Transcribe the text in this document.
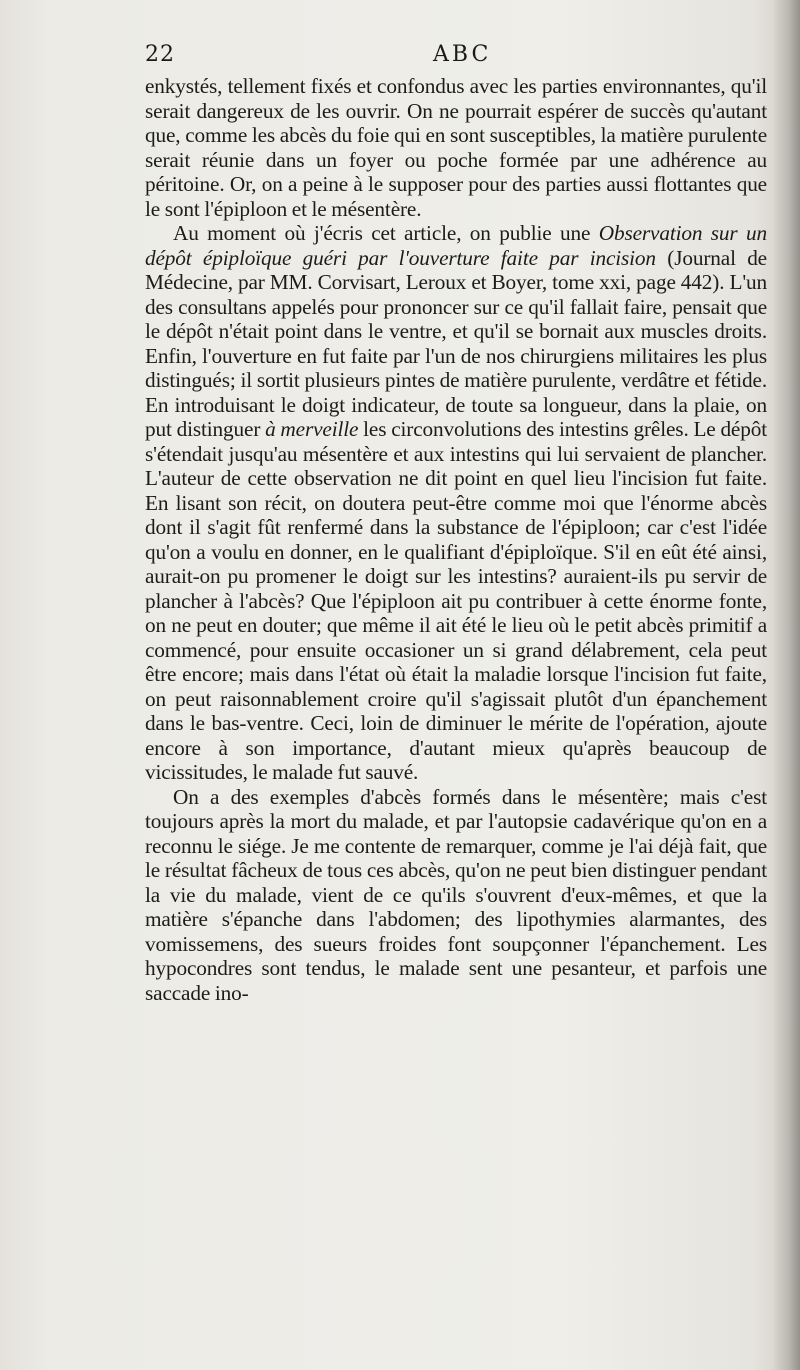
22	ABC

enkystés, tellement fixés et confondus avec les parties environnantes, qu'il serait dangereux de les ouvrir. On ne pourrait espérer de succès qu'autant que, comme les abcès du foie qui en sont susceptibles, la matière purulente serait réunie dans un foyer ou poche formée par une adhérence au péritoine. Or, on a peine à le supposer pour des parties aussi flottantes que le sont l'épiploon et le mésentère.

Au moment où j'écris cet article, on publie une Observation sur un dépôt épiploïque guéri par l'ouverture faite par incision (Journal de Médecine, par MM. Corvisart, Leroux et Boyer, tome xxi, page 442). L'un des consultans appelés pour prononcer sur ce qu'il fallait faire, pensait que le dépôt n'était point dans le ventre, et qu'il se bornait aux muscles droits. Enfin, l'ouverture en fut faite par l'un de nos chirurgiens militaires les plus distingués; il sortit plusieurs pintes de matière purulente, verdâtre et fétide. En introduisant le doigt indicateur, de toute sa longueur, dans la plaie, on put distinguer à merveille les circonvolutions des intestins grêles. Le dépôt s'étendait jusqu'au mésentère et aux intestins qui lui servaient de plancher. L'auteur de cette observation ne dit point en quel lieu l'incision fut faite. En lisant son récit, on doutera peut-être comme moi que l'énorme abcès dont il s'agit fût renfermé dans la substance de l'épiploon; car c'est l'idée qu'on a voulu en donner, en le qualifiant d'épiploïque. S'il en eût été ainsi, aurait-on pu promener le doigt sur les intestins? auraient-ils pu servir de plancher à l'abcès? Que l'épiploon ait pu contribuer à cette énorme fonte, on ne peut en douter; que même il ait été le lieu où le petit abcès primitif a commencé, pour ensuite occasioner un si grand délabrement, cela peut être encore; mais dans l'état où était la maladie lorsque l'incision fut faite, on peut raisonnablement croire qu'il s'agissait plutôt d'un épanchement dans le bas-ventre. Ceci, loin de diminuer le mérite de l'opération, ajoute encore à son importance, d'autant mieux qu'après beaucoup de vicissitudes, le malade fut sauvé.

On a des exemples d'abcès formés dans le mésentère; mais c'est toujours après la mort du malade, et par l'autopsie cadavérique qu'on en a reconnu le siége. Je me contente de remarquer, comme je l'ai déjà fait, que le résultat fâcheux de tous ces abcès, qu'on ne peut bien distinguer pendant la vie du malade, vient de ce qu'ils s'ouvrent d'eux-mêmes, et que la matière s'épanche dans l'abdomen; des lipothymies alarmantes, des vomissemens, des sueurs froides font soupçonner l'épanchement. Les hypocondres sont tendus, le malade sent une pesanteur, et parfois une saccade ino-
